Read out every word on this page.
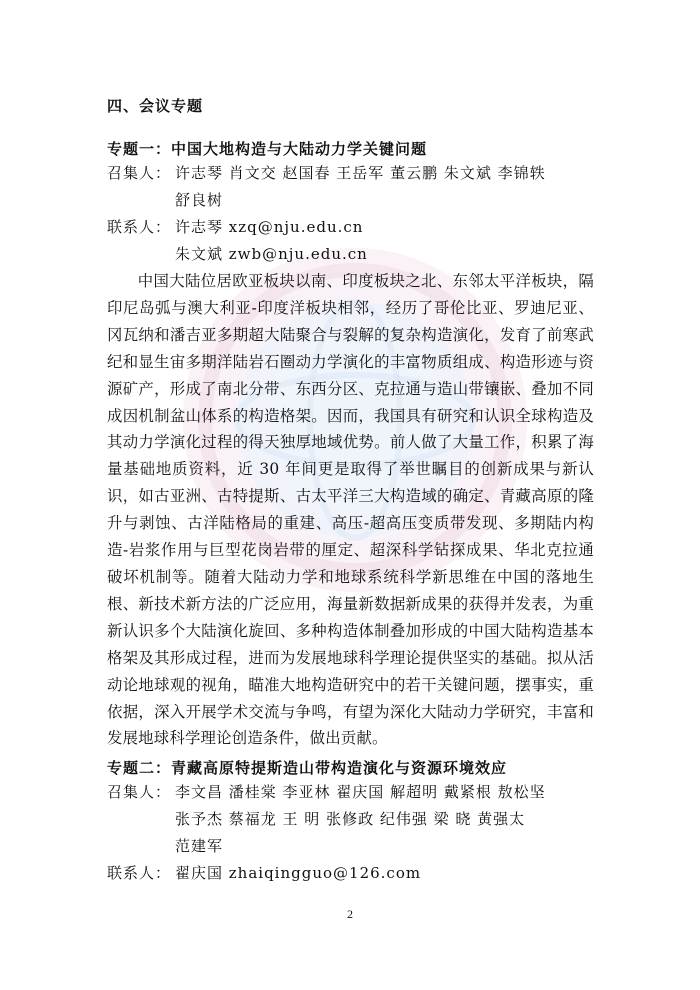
四、会议专题
专题一：中国大地构造与大陆动力学关键问题
召集人： 许志琴 肖文交 赵国春 王岳军 董云鹏 朱文斌 李锦轶
舒良树
联系人： 许志琴 xzq@nju.edu.cn
朱文斌 zwb@nju.edu.cn
中国大陆位居欧亚板块以南、印度板块之北、东邻太平洋板块，隔印尼岛弧与澳大利亚-印度洋板块相邻，经历了哥伦比亚、罗迪尼亚、冈瓦纳和潘吉亚多期超大陆聚合与裂解的复杂构造演化，发育了前寒武纪和显生宙多期洋陆岩石圈动力学演化的丰富物质组成、构造形迹与资源矿产，形成了南北分带、东西分区、克拉通与造山带镶嵌、叠加不同成因机制盆山体系的构造格架。因而，我国具有研究和认识全球构造及其动力学演化过程的得天独厚地域优势。前人做了大量工作，积累了海量基础地质资料，近 30 年间更是取得了举世瞩目的创新成果与新认识，如古亚洲、古特提斯、古太平洋三大构造域的确定、青藏高原的隆升与剥蚀、古洋陆格局的重建、高压-超高压变质带发现、多期陆内构造-岩浆作用与巨型花岗岩带的厘定、超深科学钻探成果、华北克拉通破坏机制等。随着大陆动力学和地球系统科学新思维在中国的落地生根、新技术新方法的广泛应用，海量新数据新成果的获得并发表，为重新认识多个大陆演化旋回、多种构造体制叠加形成的中国大陆构造基本格架及其形成过程，进而为发展地球科学理论提供坚实的基础。拟从活动论地球观的视角，瞄准大地构造研究中的若干关键问题，摆事实，重依据，深入开展学术交流与争鸣，有望为深化大陆动力学研究，丰富和发展地球科学理论创造条件，做出贡献。
专题二：青藏高原特提斯造山带构造演化与资源环境效应
召集人： 李文昌 潘桂棠 李亚林 翟庆国 解超明 戴紧根 敖松坚
张予杰 蔡福龙 王 明 张修政 纪伟强 梁 晓 黄强太
范建军
联系人： 翟庆国 zhaiqingguo@126.com
2
